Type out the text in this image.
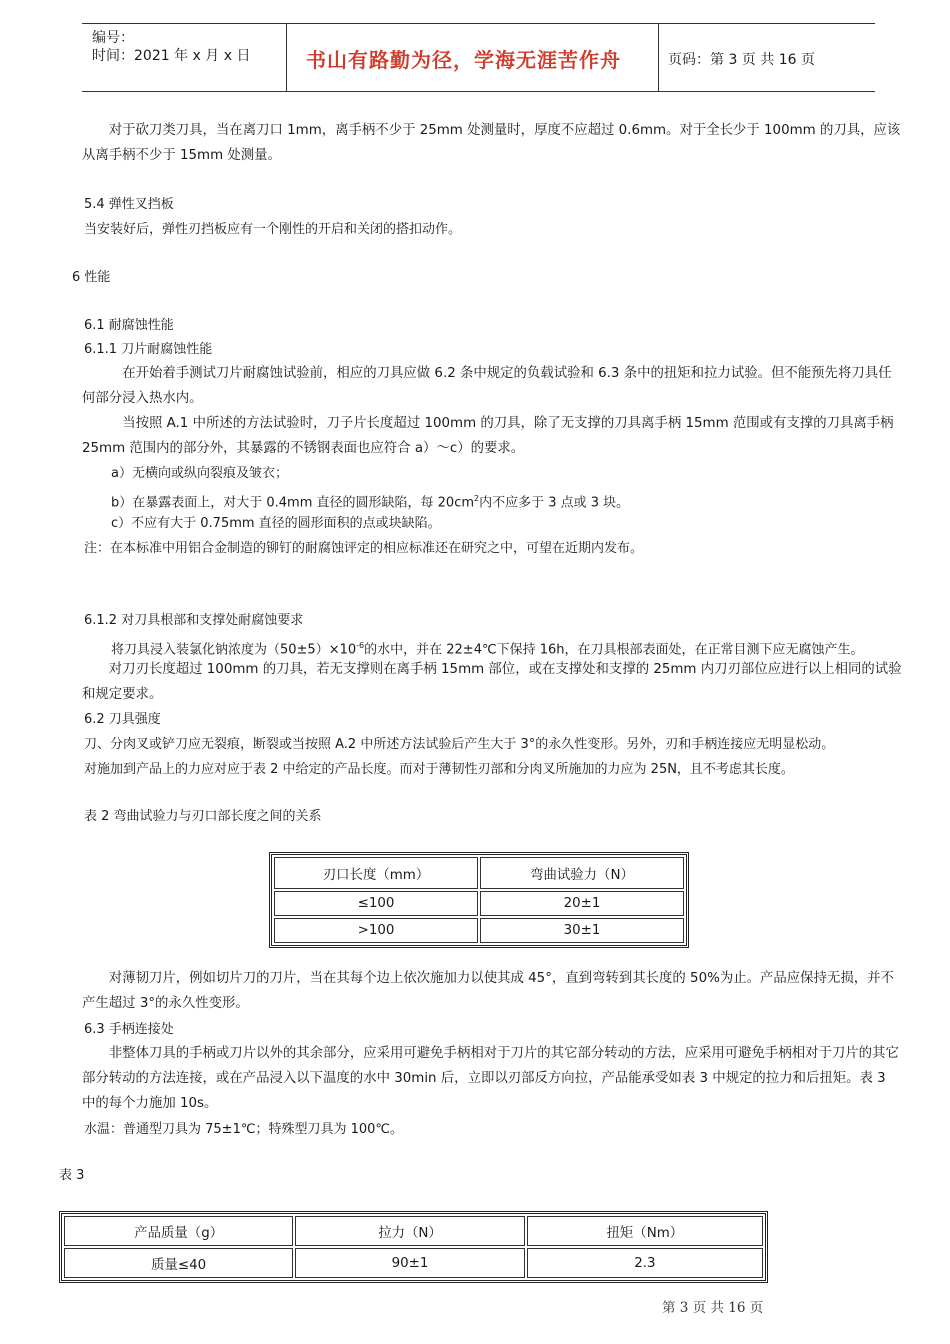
编号：
时间：2021 年 x 月 x 日	书山有路勤为径，学海无涯苦作舟	页码：第 3 页 共 16 页
对于砍刀类刀具，当在离刀口 1mm，离手柄不少于 25mm 处测量时，厚度不应超过 0.6mm。对于全长少于 100mm 的刀具，应该从离手柄不少于 15mm 处测量。
5.4 弹性叉挡板
当安装好后，弹性刃挡板应有一个刚性的开启和关闭的搭扣动作。
6 性能
6.1 耐腐蚀性能
6.1.1 刀片耐腐蚀性能
在开始着手测试刀片耐腐蚀试验前，相应的刀具应做 6.2 条中规定的负载试验和 6.3 条中的扭矩和拉力试验。但不能预先将刀具任何部分浸入热水内。
当按照 A.1 中所述的方法试验时，刀子片长度超过 100mm 的刀具，除了无支撑的刀具离手柄 15mm 范围或有支撑的刀具离手柄 25mm 范围内的部分外，其暴露的不锈钢表面也应符合 a）～c）的要求。
a）无横向或纵向裂痕及皱衣；
b）在暴露表面上，对大于 0.4mm 直径的圆形缺陷，每 $20cm^2$内不应多于 3 点或 3 块。
c）不应有大于 0.75mm 直径的圆形面积的点或块缺陷。
注：在本标准中用铝合金制造的铆钉的耐腐蚀评定的相应标准还在研究之中，可望在近期内发布。
6.1.2 对刀具根部和支撑处耐腐蚀要求
将刀具浸入装氯化钠浓度为$(50\pm 5)\times 10^{-6}$的水中，并在 22±4℃下保持 16h，在刀具根部表面处，在正常目测下应无腐蚀产生。
对刀刃长度超过 100mm 的刀具，若无支撑则在离手柄 15mm 部位，或在支撑处和支撑的 25mm 内刀刃部位应进行以上相同的试验和规定要求。
6.2 刀具强度
刀、分肉叉或铲刀应无裂痕，断裂或当按照 A.2 中所述方法试验后产生大于 3°的永久性变形。另外，刃和手柄连接应无明显松动。
对施加到产品上的力应对应于表 2 中给定的产品长度。而对于薄韧性刃部和分肉叉所施加的力应为 25N，且不考虑其长度。
表 2 弯曲试验力与刃口部长度之间的关系
刃口长度（mm）	弯曲试验力（N）
≤100	20±1
>100	30±1
对薄韧刀片，例如切片刀的刀片，当在其每个边上依次施加力以使其成 45°，直到弯转到其长度的 50%为止。产品应保持无损，并不产生超过 3°的永久性变形。
6.3 手柄连接处
非整体刀具的手柄或刀片以外的其余部分，应采用可避免手柄相对于刀片的其它部分转动的方法，应采用可避免手柄相对于刀片的其它部分转动的方法连接，或在产品浸入以下温度的水中 30min 后，立即以刃部反方向拉，产品能承受如表 3 中规定的拉力和后扭矩。表 3 中的每个力施加 10s。
水温：普通型刀具为 75±1℃；特殊型刀具为 100℃。
表 3
产品质量（g）	拉力（N）	扭矩（Nm）
质量≤40	90±1	2.3
第 3 页 共 16 页
